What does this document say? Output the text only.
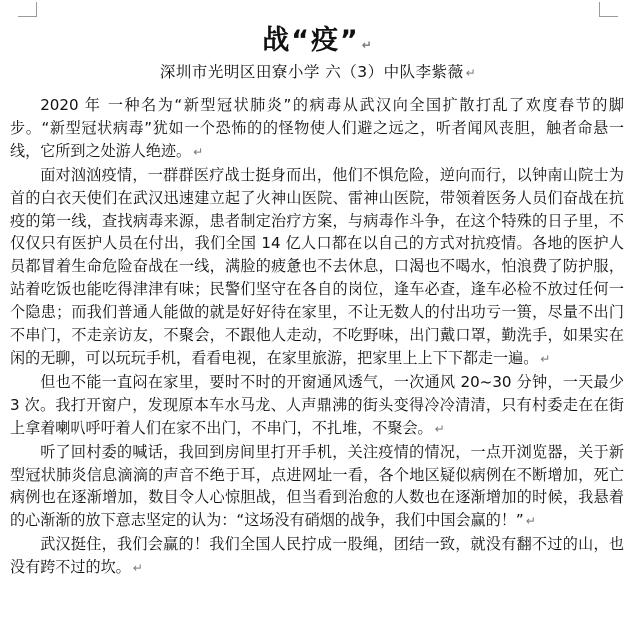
战“疫” ↵
深圳市光明区田寮小学 六（3）中队李紫薇 ↵

2020 年 一种名为“新型冠状肺炎”的病毒从武汉向全国扩散打乱了欢度春节的脚步。“新型冠状病毒”犹如一个恐怖的的怪物使人们避之远之，听者闻风丧胆，触者命悬一线，它所到之处游人绝迹。 ↵

面对汹汹疫情，一群群医疗战士挺身而出，他们不惧危险，逆向而行，以钟南山院士为首的白衣天使们在武汉迅速建立起了火神山医院、雷神山医院，带领着医务人员们奋战在抗疫的第一线，查找病毒来源，患者制定治疗方案，与病毒作斗争，在这个特殊的日子里，不仅仅只有医护人员在付出，我们全国 14 亿人口都在以自己的方式对抗疫情。各地的医护人员都冒着生命危险奋战在一线，满脸的疲惫也不去休息，口渴也不喝水，怕浪费了防护服，站着吃饭也能吃得津津有味；民警们坚守在各自的岗位，逢车必查，逢车必检不放过任何一个隐患；而我们普通人能做的就是好好待在家里，不让无数人的付出功亏一篑，尽量不出门不串门，不走亲访友，不聚会，不跟他人走动，不吃野味，出门戴口罩，勤洗手，如果实在闲的无聊，可以玩玩手机，看看电视，在家里旅游，把家里上上下下都走一遍。 ↵

但也不能一直闷在家里，要时不时的开窗通风透气，一次通风 20~30 分钟，一天最少 3 次。我打开窗户，发现原本车水马龙、人声鼎沸的街头变得冷冷清清，只有村委走在在街上拿着喇叭呼吁着人们在家不出门，不串门，不扎堆，不聚会。 ↵

听了回村委的喊话，我回到房间里打开手机，关注疫情的情况，一点开浏览器，关于新型冠状肺炎信息滴滴的声音不绝于耳，点进网址一看，各个地区疑似病例在不断增加，死亡病例也在逐渐增加，数目令人心惊胆战，但当看到治愈的人数也在逐渐增加的时候，我悬着的心渐渐的放下意志坚定的认为：“这场没有硝烟的战争，我们中国会赢的！” ↵

武汉挺住，我们会赢的！我们全国人民拧成一股绳，团结一致，就没有翻不过的山，也没有跨不过的坎。 ↵
